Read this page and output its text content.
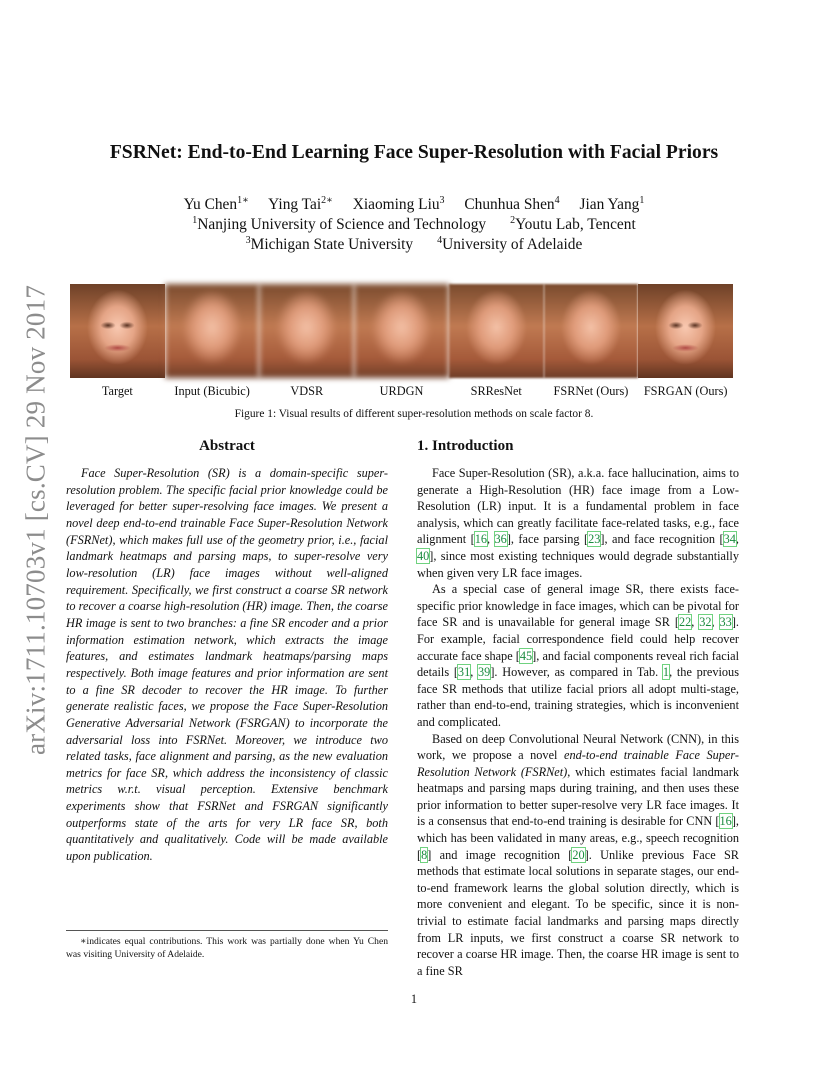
arXiv:1711.10703v1 [cs.CV] 29 Nov 2017
FSRNet: End-to-End Learning Face Super-Resolution with Facial Priors
Yu Chen$^{1∗}$ Ying Tai$^{2∗}$ Xiaoming Liu$^3$ Chunhua Shen$^4$ Jian Yang$^1$
$^1$Nanjing University of Science and Technology $^2$Youtu Lab, Tencent
$^3$Michigan State University $^4$University of Adelaide
Target	Input (Bicubic)	VDSR	URDGN	SRResNet	FSRNet (Ours)	FSRGAN (Ours)
Figure 1: Visual results of different super-resolution methods on scale factor 8.
Abstract

Face Super-Resolution (SR) is a domain-specific super-resolution problem. The specific facial prior knowledge could be leveraged for better super-resolving face images. We present a novel deep end-to-end trainable Face Super-Resolution Network (FSRNet), which makes full use of the geometry prior, i.e., facial landmark heatmaps and parsing maps, to super-resolve very low-resolution (LR) face images without well-aligned requirement. Specifically, we first construct a coarse SR network to recover a coarse high-resolution (HR) image. Then, the coarse HR image is sent to two branches: a fine SR encoder and a prior information estimation network, which extracts the image features, and estimates landmark heatmaps/parsing maps respectively. Both image features and prior information are sent to a fine SR decoder to recover the HR image. To further generate realistic faces, we propose the Face Super-Resolution Generative Adversarial Network (FSRGAN) to incorporate the adversarial loss into FSRNet. Moreover, we introduce two related tasks, face alignment and parsing, as the new evaluation metrics for face SR, which address the inconsistency of classic metrics w.r.t. visual perception. Extensive benchmark experiments show that FSRNet and FSRGAN significantly outperforms state of the arts for very LR face SR, both quantitatively and qualitatively. Code will be made available upon publication.

1. Introduction

Face Super-Resolution (SR), a.k.a. face hallucination, aims to generate a High-Resolution (HR) face image from a Low-Resolution (LR) input. It is a fundamental problem in face analysis, which can greatly facilitate face-related tasks, e.g., face alignment [16, 36], face parsing [23], and face recognition [34, 40], since most existing techniques would degrade substantially when given very LR face images.

As a special case of general image SR, there exists face-specific prior knowledge in face images, which can be pivotal for face SR and is unavailable for general image SR [22, 32, 33]. For example, facial correspondence field could help recover accurate face shape [45], and facial components reveal rich facial details [31, 39]. However, as compared in Tab. 1, the previous face SR methods that utilize facial priors all adopt multi-stage, rather than end-to-end, training strategies, which is inconvenient and complicated.

Based on deep Convolutional Neural Network (CNN), in this work, we propose a novel end-to-end trainable Face Super-Resolution Network (FSRNet), which estimates facial landmark heatmaps and parsing maps during training, and then uses these prior information to better super-resolve very LR face images. It is a consensus that end-to-end training is desirable for CNN [16], which has been validated in many areas, e.g., speech recognition [8] and image recognition [20]. Unlike previous Face SR methods that estimate local solutions in separate stages, our end-to-end framework learns the global solution directly, which is more convenient and elegant. To be specific, since it is non-trivial to estimate facial landmarks and parsing maps directly from LR inputs, we first construct a coarse SR network to recover a coarse HR image. Then, the coarse HR image is sent to a fine SR

∗indicates equal contributions. This work was partially done when Yu Chen was visiting University of Adelaide.
1
